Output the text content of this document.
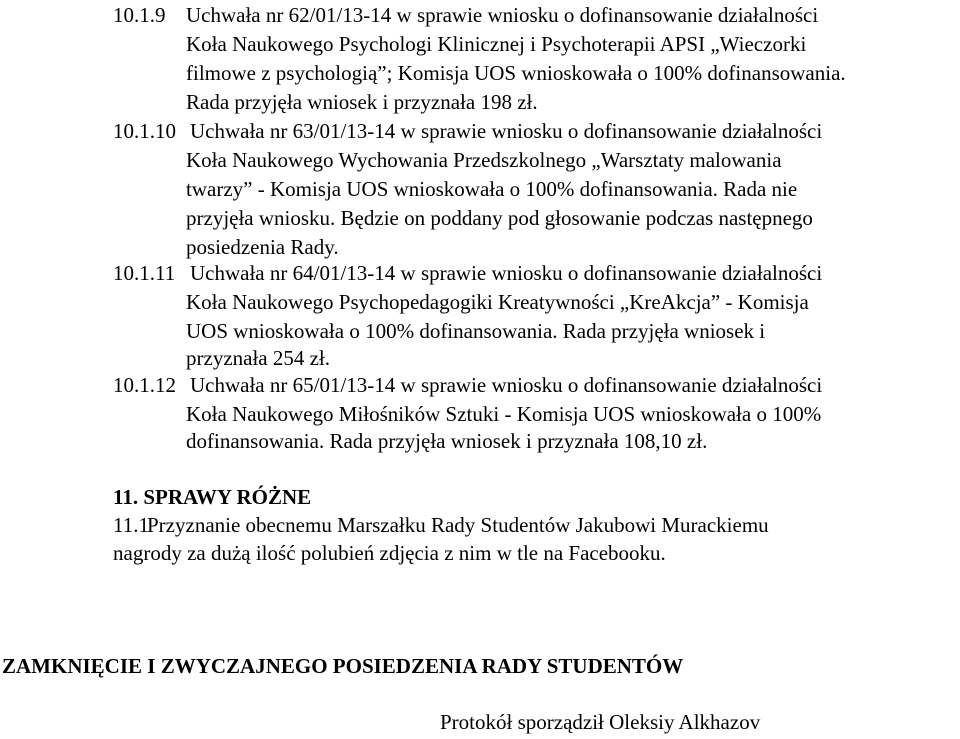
10.1.9 Uchwała nr 62/01/13-14 w sprawie wniosku o dofinansowanie działalności
Koła Naukowego Psychologi Klinicznej i Psychoterapii APSI „Wieczorki
filmowe z psychologią”; Komisja UOS wnioskowała o 100% dofinansowania.
Rada przyjęła wniosek i przyznała 198 zł.
10.1.10 Uchwała nr 63/01/13-14 w sprawie wniosku o dofinansowanie działalności
Koła Naukowego Wychowania Przedszkolnego „Warsztaty malowania
twarzy” - Komisja UOS wnioskowała o 100% dofinansowania. Rada nie
przyjęła wniosku. Będzie on poddany pod głosowanie podczas następnego
posiedzenia Rady.
10.1.11 Uchwała nr 64/01/13-14 w sprawie wniosku o dofinansowanie działalności
Koła Naukowego Psychopedagogiki Kreatywności „KreAkcja” - Komisja
UOS wnioskowała o 100% dofinansowania. Rada przyjęła wniosek i
przyznała 254 zł.
10.1.12 Uchwała nr 65/01/13-14 w sprawie wniosku o dofinansowanie działalności
Koła Naukowego Miłośników Sztuki - Komisja UOS wnioskowała o 100%
dofinansowania. Rada przyjęła wniosek i przyznała 108,10 zł.
11. SPRAWY RÓŻNE
11.1
Przyznanie obecnemu Marszałku Rady Studentów Jakubowi Murackiemu
nagrody za dużą ilość polubień zdjęcia z nim w tle na Facebooku.
ZAMKNIĘCIE I ZWYCZAJNEGO POSIEDZENIA RADY STUDENTÓW
Protokół sporządził Oleksiy Alkhazov
